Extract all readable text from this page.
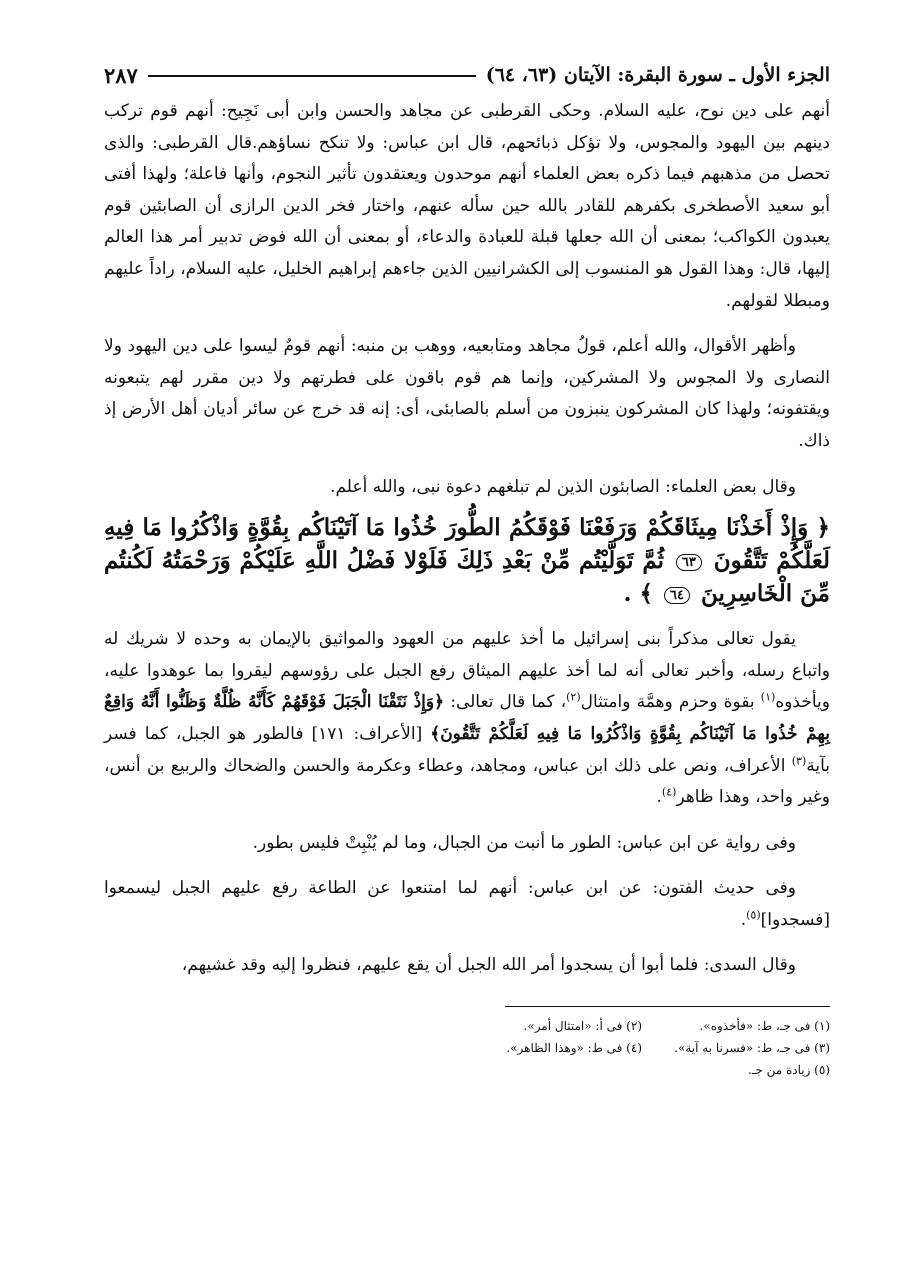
الجزء الأول ـ سورة البقرة: الآيتان (٦٣، ٦٤)
٢٨٧

أنهم على دين نوح، عليه السلام. وحكى القرطبى عن مجاهد والحسن وابن أبى نَجِيح: أنهم قوم تركب دينهم بين اليهود والمجوس، ولا تؤكل ذبائحهم، قال ابن عباس: ولا تنكح نساؤهم.قال القرطبى: والذى تحصل من مذهبهم فيما ذكره بعض العلماء أنهم موحدون ويعتقدون تأثير النجوم، وأنها فاعلة؛ ولهذا أفتى أبو سعيد الأصطخرى بكفرهم للقادر بالله حين سأله عنهم، واختار فخر الدين الرازى أن الصابئين قوم يعبدون الكواكب؛ بمعنى أن الله جعلها قبلة للعبادة والدعاء، أو بمعنى أن الله فوض تدبير أمر هذا العالم إليها، قال: وهذا القول هو المنسوب إلى الكشرانيين الذين جاءهم إبراهيم الخليل، عليه السلام، راداً عليهم ومبطلا لقولهم.

وأظهر الأقوال، والله أعلم، قولُ مجاهد ومتابعيه، ووهب بن منبه: أنهم قومٌ ليسوا على دين اليهود ولا النصارى ولا المجوس ولا المشركين، وإنما هم قوم باقون على فطرتهم ولا دين مقرر لهم يتبعونه ويقتفونه؛ ولهذا كان المشركون ينبزون من أسلم بالصابئى، أى: إنه قد خرج عن سائر أديان أهل الأرض إذ ذاك.

وقال بعض العلماء: الصابئون الذين لم تبلغهم دعوة نبى، والله أعلم.

﴿ وَإِذْ أَخَذْنَا مِيثَاقَكُمْ وَرَفَعْنَا فَوْقَكُمُ الطُّورَ خُذُوا مَا آتَيْنَاكُم بِقُوَّةٍ وَاذْكُرُوا مَا فِيهِ لَعَلَّكُمْ تَتَّقُونَ ٦٣ ثُمَّ تَوَلَّيْتُم مِّنْ بَعْدِ ذَلِكَ فَلَوْلا فَضْلُ اللَّهِ عَلَيْكُمْ وَرَحْمَتُهُ لَكُنتُم مِّنَ الْخَاسِرِينَ ٦٤ ﴾ .

يقول تعالى مذكراً بنى إسرائيل ما أخذ عليهم من العهود والمواثيق بالإيمان به وحده لا شريك له واتباع رسله، وأخبر تعالى أنه لما أخذ عليهم الميثاق رفع الجبل على رؤوسهم ليقروا بما عوهدوا عليه، ويأخذوه$^{(١)}$ بقوة وحزم وهمَّة وامتثال$^{(٢)}$، كما قال تعالى: ﴿وَإِذْ نَتَقْنَا الْجَبَلَ فَوْقَهُمْ كَأَنَّهُ ظُلَّةٌ وَظَنُّوا أَنَّهُ وَاقِعٌ بِهِمْ خُذُوا مَا آتَيْنَاكُم بِقُوَّةٍ وَاذْكُرُوا مَا فِيهِ لَعَلَّكُمْ تَتَّقُونَ﴾ [الأعراف: ١٧١] فالطور هو الجبل، كما فسر بآية$^{(٣)}$ الأعراف، ونص على ذلك ابن عباس، ومجاهد، وعطاء وعكرمة والحسن والضحاك والربيع بن أنس، وغير واحد، وهذا ظاهر$^{(٤)}$.

وفى رواية عن ابن عباس: الطور ما أنبت من الجبال، وما لم يُنْبِتْ فليس بطور.

وفى حديث الفتون: عن ابن عباس: أنهم لما امتنعوا عن الطاعة رفع عليهم الجبل ليسمعوا [فسجدوا]$^{(٥)}$.

وقال السدى: فلما أبوا أن يسجدوا أمر الله الجبل أن يقع عليهم، فنظروا إليه وقد غشيهم،

(١) فى جـ، ط: «فأخذوه».
(٢) فى أ: «امتثال أمر».
(٣) فى جـ، ط: «فسرنا به آية».
(٤) فى ط: «وهذا الظاهر».
(٥) زيادة من جـ.
